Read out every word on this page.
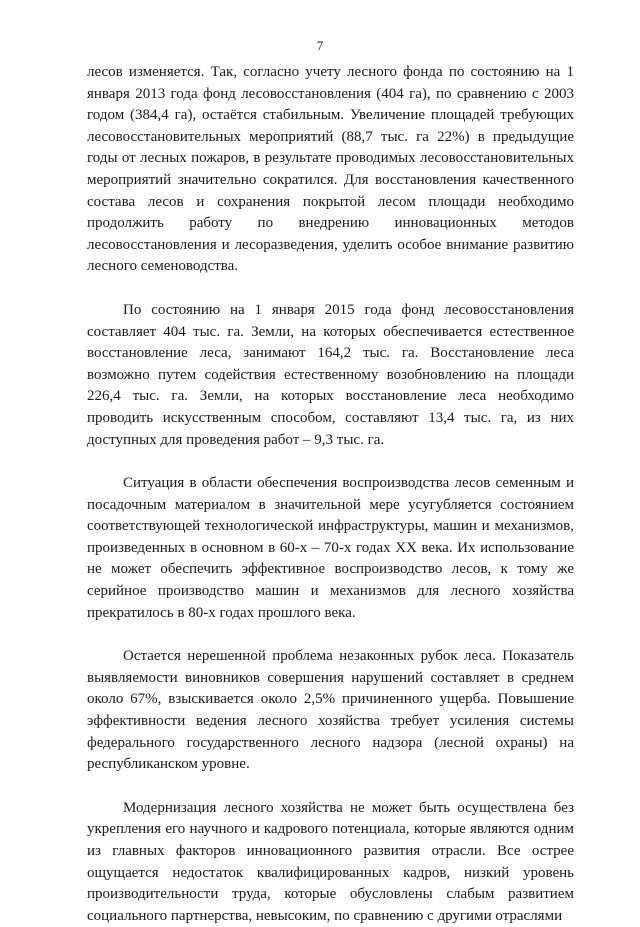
7

лесов изменяется. Так, согласно учету лесного фонда по состоянию на 1 января 2013 года фонд лесовосстановления (404 га), по сравнению с 2003 годом (384,4 га), остаётся стабильным. Увеличение площадей требующих лесовосстановительных мероприятий (88,7 тыс. га 22%) в предыдущие годы от лесных пожаров, в результате проводимых лесовосстановительных мероприятий значительно сократился. Для восстановления качественного состава лесов и сохранения покрытой лесом площади необходимо продолжить работу по внедрению инновационных методов лесовосстановления и лесоразведения, уделить особое внимание развитию лесного семеноводства.

По состоянию на 1 января 2015 года фонд лесовосстановления составляет 404 тыс. га. Земли, на которых обеспечивается естественное восстановление леса, занимают 164,2 тыс. га. Восстановление леса возможно путем содействия естественному возобновлению на площади 226,4 тыс. га. Земли, на которых восстановление леса необходимо проводить искусственным способом, составляют 13,4 тыс. га, из них доступных для проведения работ – 9,3 тыс. га.

Ситуация в области обеспечения воспроизводства лесов семенным и посадочным материалом в значительной мере усугубляется состоянием соответствующей технологической инфраструктуры, машин и механизмов, произведенных в основном в 60-х – 70-х годах XX века. Их использование не может обеспечить эффективное воспроизводство лесов, к тому же серийное производство машин и механизмов для лесного хозяйства прекратилось в 80-х годах прошлого века.

Остается нерешенной проблема незаконных рубок леса. Показатель выявляемости виновников совершения нарушений составляет в среднем около 67%, взыскивается около 2,5% причиненного ущерба. Повышение эффективности ведения лесного хозяйства требует усиления системы федерального государственного лесного надзора (лесной охраны) на республиканском уровне.

Модернизация лесного хозяйства не может быть осуществлена без укрепления его научного и кадрового потенциала, которые являются одним из главных факторов инновационного развития отрасли. Все острее ощущается недостаток квалифицированных кадров, низкий уровень производительности труда, которые обусловлены слабым развитием социального партнерства, невысоким, по сравнению с другими отраслями
